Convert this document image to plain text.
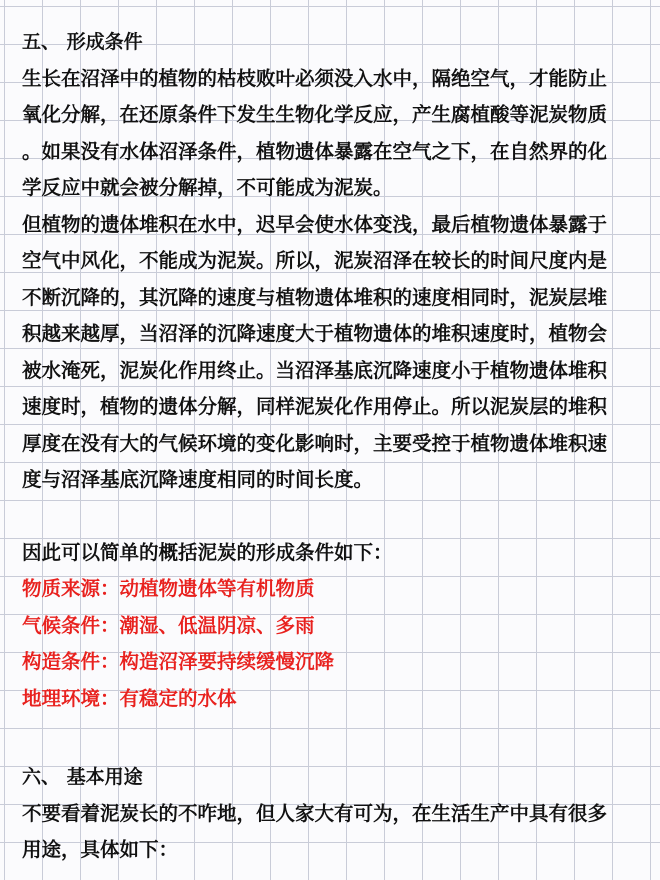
五、 形成条件
生长在沼泽中的植物的枯枝败叶必须没入水中，隔绝空气，才能防止
氧化分解，在还原条件下发生生物化学反应，产生腐植酸等泥炭物质
。如果没有水体沼泽条件，植物遗体暴露在空气之下，在自然界的化
学反应中就会被分解掉，不可能成为泥炭。
但植物的遗体堆积在水中，迟早会使水体变浅，最后植物遗体暴露于
空气中风化，不能成为泥炭。所以，泥炭沼泽在较长的时间尺度内是
不断沉降的，其沉降的速度与植物遗体堆积的速度相同时，泥炭层堆
积越来越厚，当沼泽的沉降速度大于植物遗体的堆积速度时，植物会
被水淹死，泥炭化作用终止。当沼泽基底沉降速度小于植物遗体堆积
速度时，植物的遗体分解，同样泥炭化作用停止。所以泥炭层的堆积
厚度在没有大的气候环境的变化影响时，主要受控于植物遗体堆积速
度与沼泽基底沉降速度相同的时间长度。
因此可以简单的概括泥炭的形成条件如下：
物质来源：动植物遗体等有机物质
气候条件：潮湿、低温阴凉、多雨
构造条件：构造沼泽要持续缓慢沉降
地理环境：有稳定的水体
六、 基本用途
不要看着泥炭长的不咋地，但人家大有可为，在生活生产中具有很多
用途，具体如下：
